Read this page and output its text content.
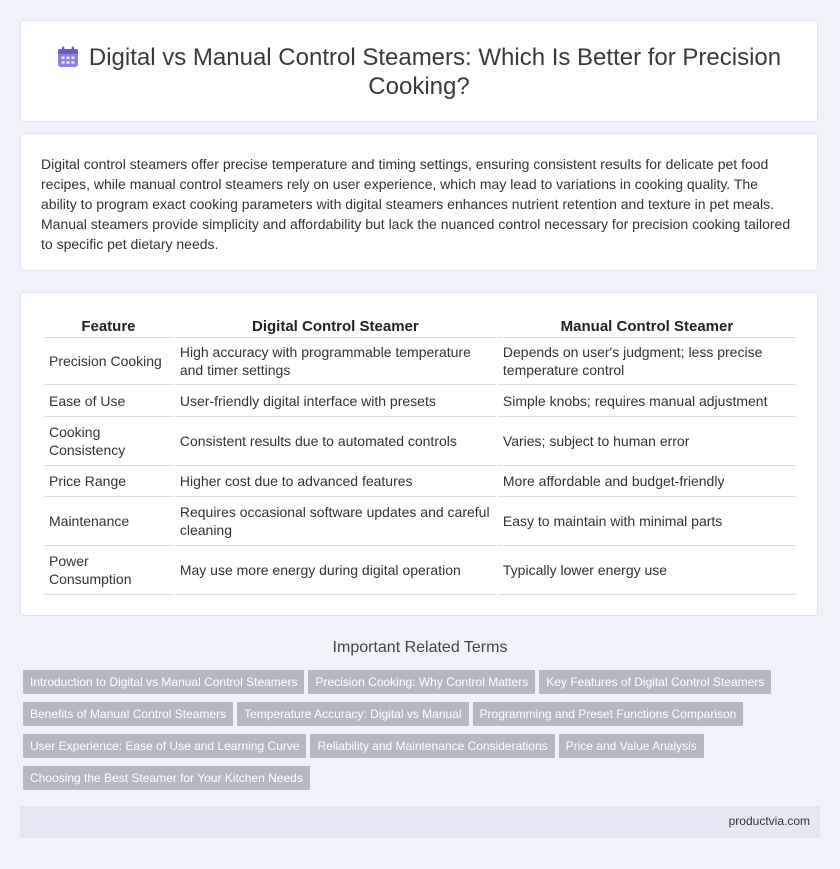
Digital vs Manual Control Steamers: Which Is Better for Precision Cooking?

Digital control steamers offer precise temperature and timing settings, ensuring consistent results for delicate pet food recipes, while manual control steamers rely on user experience, which may lead to variations in cooking quality. The ability to program exact cooking parameters with digital steamers enhances nutrient retention and texture in pet meals. Manual steamers provide simplicity and affordability but lack the nuanced control necessary for precision cooking tailored to specific pet dietary needs.

Feature	Digital Control Steamer	Manual Control Steamer
Precision Cooking	High accuracy with programmable temperature and timer settings	Depends on user's judgment; less precise temperature control
Ease of Use	User-friendly digital interface with presets	Simple knobs; requires manual adjustment
Cooking Consistency	Consistent results due to automated controls	Varies; subject to human error
Price Range	Higher cost due to advanced features	More affordable and budget-friendly
Maintenance	Requires occasional software updates and careful cleaning	Easy to maintain with minimal parts
Power Consumption	May use more energy during digital operation	Typically lower energy use
Important Related Terms
Introduction to Digital vs Manual Control Steamers Precision Cooking: Why Control Matters Key Features of Digital Control Steamers
Benefits of Manual Control Steamers Temperature Accuracy: Digital vs Manual Programming and Preset Functions Comparison
User Experience: Ease of Use and Learning Curve Reliability and Maintenance Considerations Price and Value Analysis
Choosing the Best Steamer for Your Kitchen Needs
productvia.com
